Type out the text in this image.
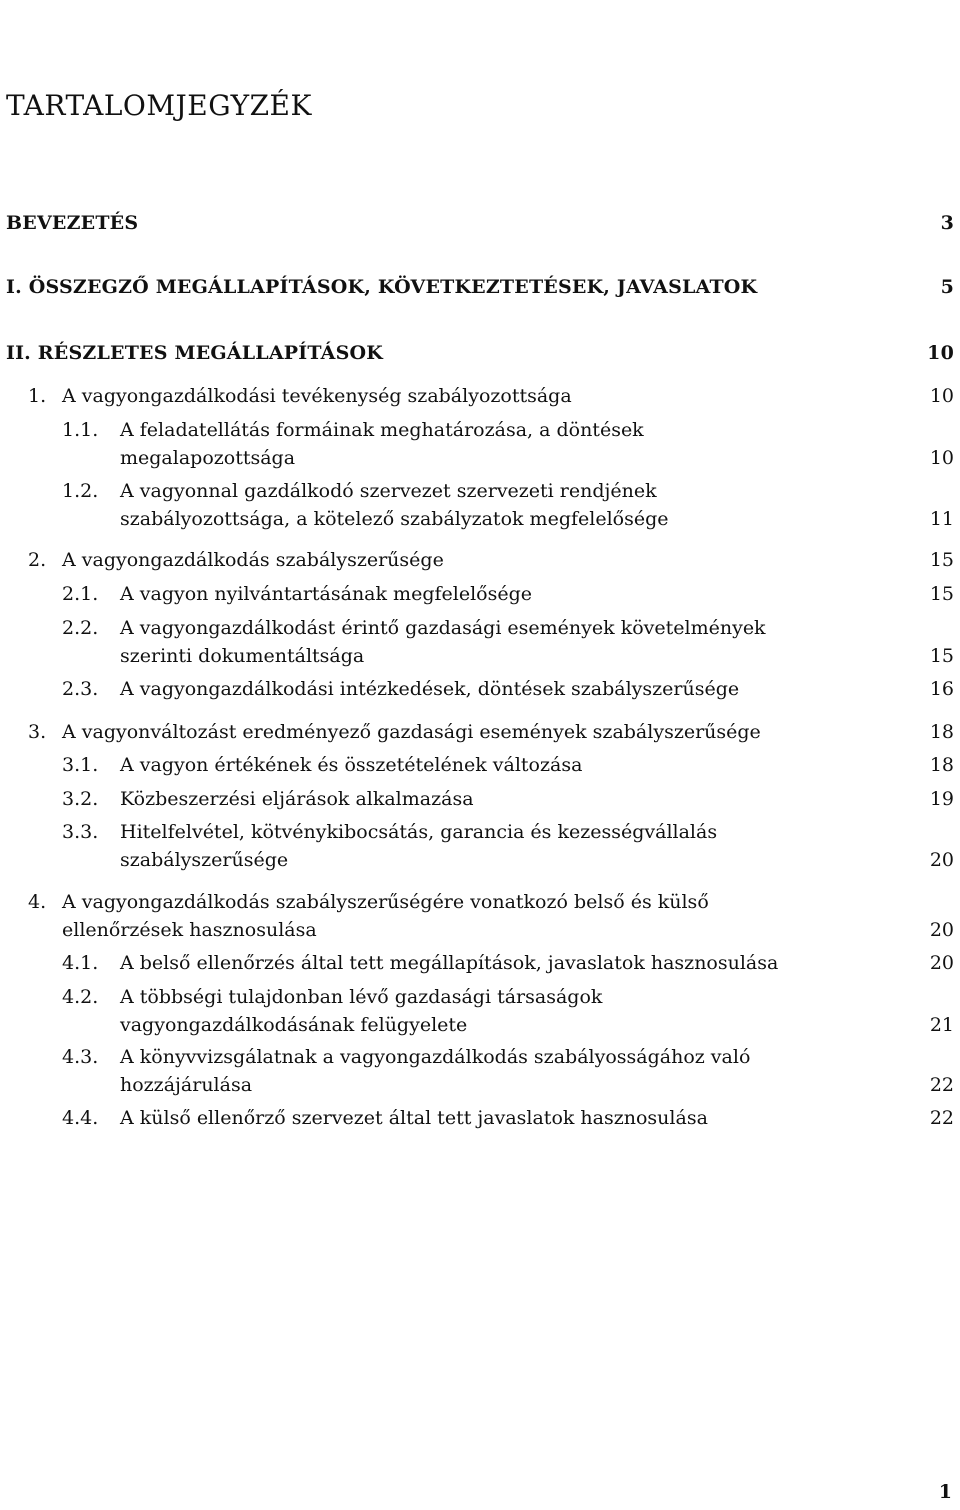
TARTALOMJEGYZÉK
BEVEZETÉS	3
I. ÖSSZEGZŐ MEGÁLLAPÍTÁSOK, KÖVETKEZTETÉSEK, JAVASLATOK	5
II. RÉSZLETES MEGÁLLAPÍTÁSOK	10
1. A vagyongazdálkodási tevékenység szabályozottsága	10
1.1. A feladatellátás formáinak meghatározása, a döntések
megalapozottsága	10
1.2. A vagyonnal gazdálkodó szervezet szervezeti rendjének
szabályozottsága, a kötelező szabályzatok megfelelősége	11
2. A vagyongazdálkodás szabályszerűsége	15
2.1. A vagyon nyilvántartásának megfelelősége	15
2.2. A vagyongazdálkodást érintő gazdasági események követelmények
szerinti dokumentáltsága	15
2.3. A vagyongazdálkodási intézkedések, döntések szabályszerűsége	16
3. A vagyonváltozást eredményező gazdasági események szabályszerűsége	18
3.1. A vagyon értékének és összetételének változása	18
3.2. Közbeszerzési eljárások alkalmazása	19
3.3. Hitelfelvétel, kötvénykibocsátás, garancia és kezességvállalás
szabályszerűsége	20
4. A vagyongazdálkodás szabályszerűségére vonatkozó belső és külső
ellenőrzések hasznosulása	20
4.1. A belső ellenőrzés által tett megállapítások, javaslatok hasznosulása	20
4.2. A többségi tulajdonban lévő gazdasági társaságok
vagyongazdálkodásának felügyelete	21
4.3. A könyvvizsgálatnak a vagyongazdálkodás szabályosságához való
hozzájárulása	22
4.4. A külső ellenőrző szervezet által tett javaslatok hasznosulása	22
1
